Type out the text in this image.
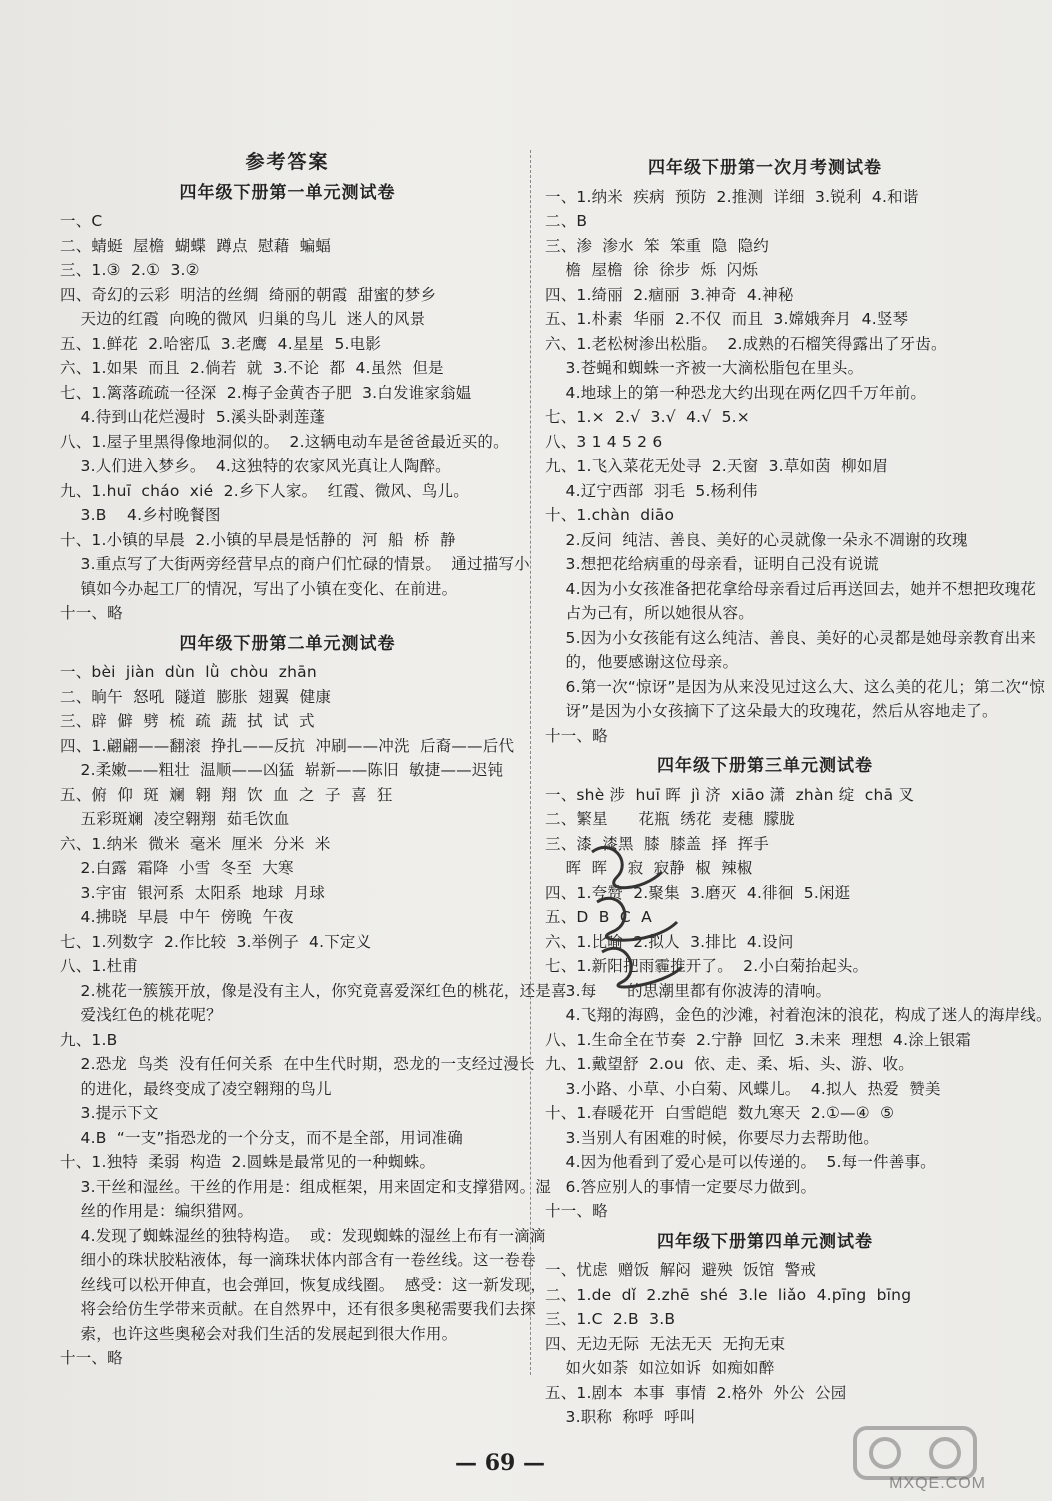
参考答案
四年级下册第一单元测试卷
一、C
二、蜻蜓  屋檐  蝴蝶  蹲点  慰藉  蝙蝠
三、1.③  2.①  3.②
四、奇幻的云彩  明洁的丝绸  绮丽的朝霞  甜蜜的梦乡
天边的红霞  向晚的微风  归巢的鸟儿  迷人的风景
五、1.鲜花  2.哈密瓜  3.老鹰  4.星星  5.电影
六、1.如果  而且  2.倘若  就  3.不论  都  4.虽然  但是
七、1.篱落疏疏一径深  2.梅子金黄杏子肥  3.白发谁家翁媪
4.待到山花烂漫时  5.溪头卧剥莲蓬
八、1.屋子里黑得像地洞似的。  2.这辆电动车是爸爸最近买的。
3.人们进入梦乡。  4.这独特的农家风光真让人陶醉。
九、1.huī  cháo  xié  2.乡下人家。  红霞、微风、鸟儿。
3.B    4.乡村晚餐图
十、1.小镇的早晨  2.小镇的早晨是恬静的  河  船  桥  静
3.重点写了大街两旁经营早点的商户们忙碌的情景。  通过描写小
镇如今办起工厂的情况，写出了小镇在变化、在前进。
十一、略
四年级下册第二单元测试卷
一、bèi  jiàn  dùn  lǜ  chòu  zhān
二、晌午  怒吼  隧道  膨胀  翅翼  健康
三、辟  僻  劈  梳  疏  蔬  拭  试  式
四、1.翩翩——翻滚  挣扎——反抗  冲刷——冲洗  后裔——后代
2.柔嫩——粗壮  温顺——凶猛  崭新——陈旧  敏捷——迟钝
五、俯  仰  斑  斓  翱  翔  饮  血  之  子  喜  狂
五彩斑斓  凌空翱翔  茹毛饮血
六、1.纳米  微米  毫米  厘米  分米  米
2.白露  霜降  小雪  冬至  大寒
3.宇宙  银河系  太阳系  地球  月球
4.拂晓  早晨  中午  傍晚  午夜
七、1.列数字  2.作比较  3.举例子  4.下定义
八、1.杜甫
2.桃花一簇簇开放，像是没有主人，你究竟喜爱深红色的桃花，还是喜
爱浅红色的桃花呢？
九、1.B
2.恐龙  鸟类  没有任何关系  在中生代时期，恐龙的一支经过漫长
的进化，最终变成了凌空翱翔的鸟儿
3.提示下文
4.B  “一支”指恐龙的一个分支，而不是全部，用词准确
十、1.独特  柔弱  构造  2.圆蛛是最常见的一种蜘蛛。
3.干丝和湿丝。干丝的作用是：组成框架，用来固定和支撑猎网。湿
丝的作用是：编织猎网。
4.发现了蜘蛛湿丝的独特构造。  或：发现蜘蛛的湿丝上布有一滴滴
细小的珠状胶粘液体，每一滴珠状体内部含有一卷丝线。这一卷卷
丝线可以松开伸直，也会弹回，恢复成线圈。  感受：这一新发现，
将会给仿生学带来贡献。在自然界中，还有很多奥秘需要我们去探
索，也许这些奥秘会对我们生活的发展起到很大作用。
十一、略
四年级下册第一次月考测试卷
一、1.纳米  疾病  预防  2.推测  详细  3.锐利  4.和谐
二、B
三、渗  渗水  笨  笨重  隐  隐约
檐  屋檐  徐  徐步  烁  闪烁
四、1.绮丽  2.痼丽  3.神奇  4.神秘
五、1.朴素  华丽  2.不仅  而且  3.嫦娥奔月  4.竖琴
六、1.老松树渗出松脂。  2.成熟的石榴笑得露出了牙齿。
3.苍蝇和蜘蛛一齐被一大滴松脂包在里头。
4.地球上的第一种恐龙大约出现在两亿四千万年前。
七、1.×  2.√  3.√  4.√  5.×
八、3 1 4 5 2 6
九、1.飞入菜花无处寻  2.天窗  3.草如茵  柳如眉
4.辽宁西部  羽毛  5.杨利伟
十、1.chàn  diāo
2.反问  纯洁、善良、美好的心灵就像一朵永不凋谢的玫瑰
3.想把花给病重的母亲看，证明自己没有说谎
4.因为小女孩准备把花拿给母亲看过后再送回去，她并不想把玫瑰花
占为己有，所以她很从容。
5.因为小女孩能有这么纯洁、善良、美好的心灵都是她母亲教育出来
的，他要感谢这位母亲。
6.第一次“惊讶”是因为从来没见过这么大、这么美的花儿；第二次“惊
讶”是因为小女孩摘下了这朵最大的玫瑰花，然后从容地走了。
十一、略
四年级下册第三单元测试卷
一、shè 涉  huī 晖  jì 济  xiāo 潇  zhàn 绽  chā 叉
二、繁星      花瓶  绣花  麦穗  朦胧
三、漆  漆黑  膝  膝盖  择  挥手
晖  晖    寂  寂静  椒  辣椒
四、1.夸赞  2.聚集  3.磨灭  4.徘徊  5.闲逛
五、D  B  C  A
六、1.比喻  2.拟人  3.排比  4.设问
七、1.新阳把雨霾推开了。  2.小白菊抬起头。
3.每      的思潮里都有你波涛的清响。
4.飞翔的海鸥，金色的沙滩，衬着泡沫的浪花，构成了迷人的海岸线。
八、1.生命全在节奏  2.宁静  回忆  3.未来  理想  4.涂上银霜
九、1.戴望舒  2.ou  依、走、柔、垢、头、游、收。
3.小路、小草、小白菊、风蝶儿。  4.拟人  热爱  赞美
十、1.春暖花开  白雪皑皑  数九寒天  2.①—④  ⑤
3.当别人有困难的时候，你要尽力去帮助他。
4.因为他看到了爱心是可以传递的。  5.每一件善事。
6.答应别人的事情一定要尽力做到。
十一、略
四年级下册第四单元测试卷
一、忧虑  赠饭  解闷  避殃  饭馆  警戒
二、1.de  dǐ  2.zhē  shé  3.le  liǎo  4.pīng  bīng
三、1.C  2.B  3.B
四、无边无际  无法无天  无拘无束
如火如荼  如泣如诉  如痴如醉
五、1.剧本  本事  事情  2.格外  外公  公园
3.职称  称呼  呼叫
— 69 —
MXQE.COM
